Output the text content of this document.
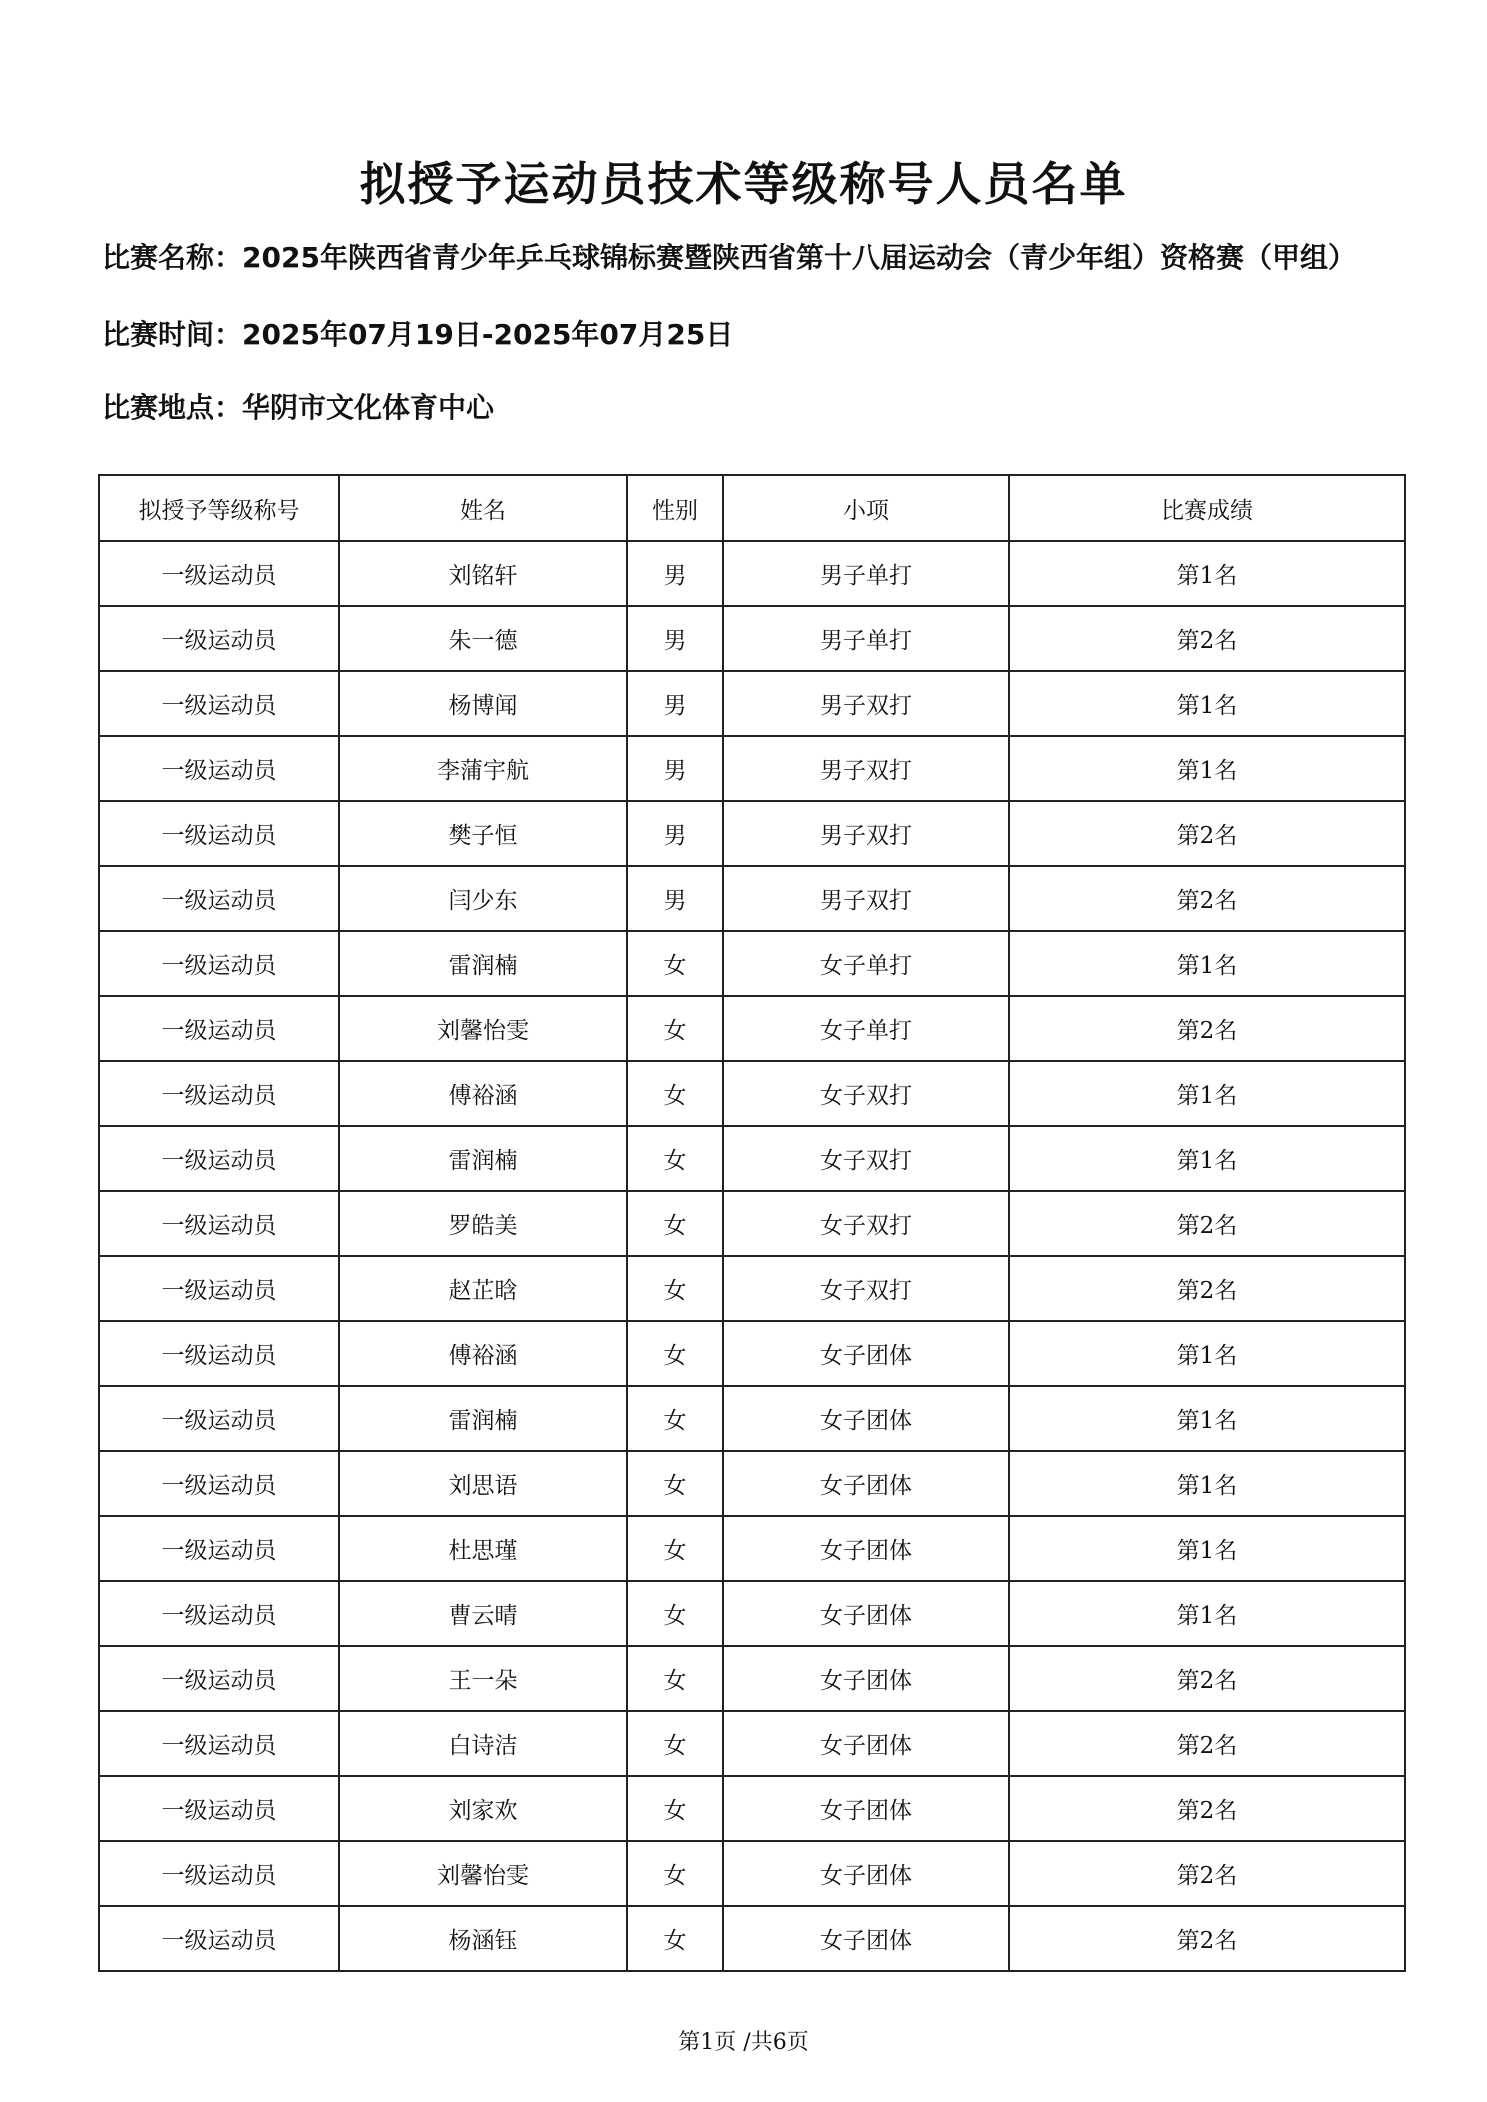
拟授予运动员技术等级称号人员名单
比赛名称：2025年陕西省青少年乒乓球锦标赛暨陕西省第十八届运动会（青少年组）资格赛（甲组）
比赛时间：2025年07月19日-2025年07月25日
比赛地点：华阴市文化体育中心
拟授予等级称号	姓名	性别	小项	比赛成绩
一级运动员	刘铭轩	男	男子单打	第1名
一级运动员	朱一德	男	男子单打	第2名
一级运动员	杨博闻	男	男子双打	第1名
一级运动员	李蒲宇航	男	男子双打	第1名
一级运动员	樊子恒	男	男子双打	第2名
一级运动员	闫少东	男	男子双打	第2名
一级运动员	雷润楠	女	女子单打	第1名
一级运动员	刘馨怡雯	女	女子单打	第2名
一级运动员	傅裕涵	女	女子双打	第1名
一级运动员	雷润楠	女	女子双打	第1名
一级运动员	罗皓美	女	女子双打	第2名
一级运动员	赵芷晗	女	女子双打	第2名
一级运动员	傅裕涵	女	女子团体	第1名
一级运动员	雷润楠	女	女子团体	第1名
一级运动员	刘思语	女	女子团体	第1名
一级运动员	杜思瑾	女	女子团体	第1名
一级运动员	曹云晴	女	女子团体	第1名
一级运动员	王一朵	女	女子团体	第2名
一级运动员	白诗洁	女	女子团体	第2名
一级运动员	刘家欢	女	女子团体	第2名
一级运动员	刘馨怡雯	女	女子团体	第2名
一级运动员	杨涵钰	女	女子团体	第2名
第1页 /共6页
